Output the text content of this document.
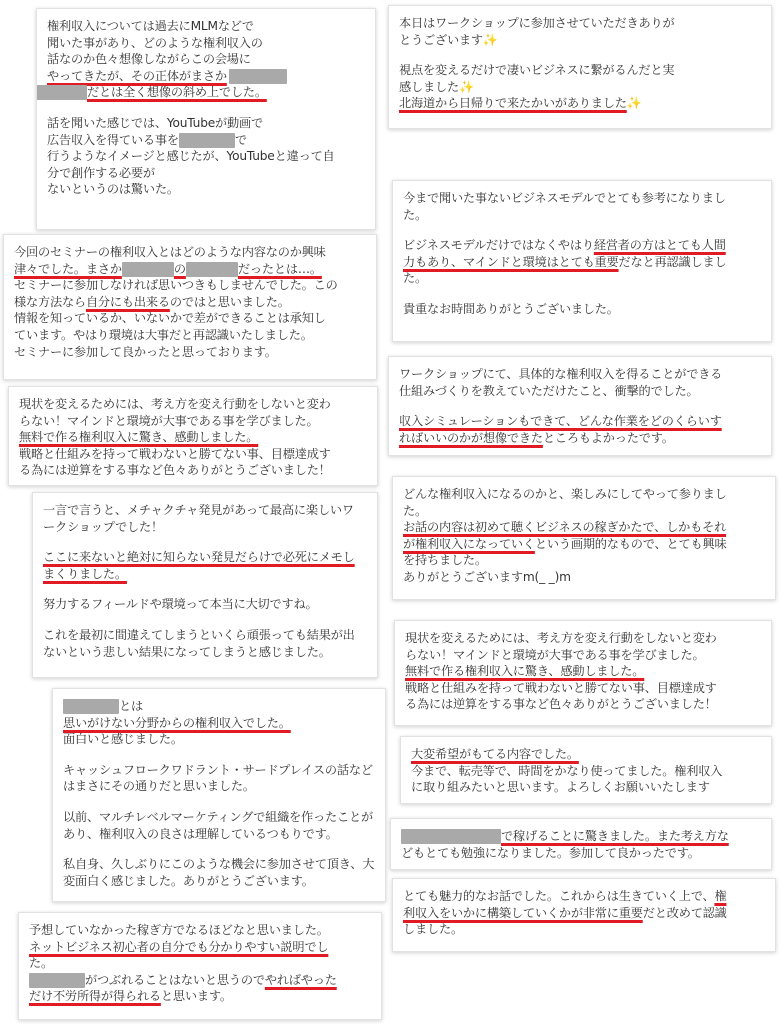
権利収入については過去にMLMなどで
聞いた事があり、どのような権利収入の
話なのか色々想像しながらこの会場に
やってきたが、その正体がまさか
だとは全く想像の斜め上でした。
話を聞いた感じでは、YouTubeが動画で
広告収入を得ている事を	で
行うようなイメージと感じたが、YouTubeと違って自
分で創作する必要が
ないというのは驚いた。
本日はワークショップに参加させていただきありが
とうございます✨
視点を変えるだけで凄いビジネスに繋がるんだと実
感しました✨
北海道から日帰りで来たかいがありました✨
今まで聞いた事ないビジネスモデルでとても参考になりまし
た。
ビジネスモデルだけではなくやはり経営者の方はとても人間
力もあり、マインドと環境はとても重要だなと再認識しまし
た。
貴重なお時間ありがとうございました。
今回のセミナーの権利収入とはどのような内容なのか興味
津々でした。まさか	の	だったとは…。
セミナーに参加しなければ思いつきもしませんでした。この
様な方法なら自分にも出来るのではと思いました。
情報を知っているか、いないかで差ができることは承知し
ています。やはり環境は大事だと再認識いたしました。
セミナーに参加して良かったと思っております。
ワークショップにて、具体的な権利収入を得ることができる
仕組みづくりを教えていただけたこと、衝撃的でした。
収入シミュレーションもできて、どんな作業をどのくらいす
ればいいのかが想像できたところもよかったです。
現状を変えるためには、考え方を変え行動をしないと変わ
らない！マインドと環境が大事である事を学びました。
無料で作る権利収入に驚き、感動しました。
戦略と仕組みを持って戦わないと勝てない事、目標達成す
る為には逆算をする事など色々ありがとうございました！
どんな権利収入になるのかと、楽しみにしてやって参りまし
た。
お話の内容は初めて聴くビジネスの稼ぎかたで、しかもそれ
が権利収入になっていくという画期的なもので、とても興味
を持ちました。
ありがとうございますm(_ _)m
一言で言うと、メチャクチャ発見があって最高に楽しいワ
ークショップでした！
ここに来ないと絶対に知らない発見だらけで必死にメモし
まくりました。
努力するフィールドや環境って本当に大切ですね。
これを最初に間違えてしまうといくら頑張っても結果が出
ないという悲しい結果になってしまうと感じました。
現状を変えるためには、考え方を変え行動をしないと変わ
らない！マインドと環境が大事である事を学びました。
無料で作る権利収入に驚き、感動しました。
戦略と仕組みを持って戦わないと勝てない事、目標達成す
る為には逆算をする事など色々ありがとうございました！
とは
思いがけない分野からの権利収入でした。
面白いと感じました。
キャッシュフロークワドラント・サードプレイスの話など
はまさにその通りだと思いました。
以前、マルチレベルマーケティングで組織を作ったことが
あり、権利収入の良さは理解しているつもりです。
私自身、久しぶりにこのような機会に参加させて頂き、大
変面白く感じました。ありがとうございます。
大変希望がもてる内容でした。
今まで、転売等で、時間をかなり使ってました。権利収入
に取り組みたいと思います。よろしくお願いいたします
で稼げることに驚きました。また考え方な
どもとても勉強になりました。参加して良かったです。
とても魅力的なお話でした。これからは生きていく上で、権
利収入をいかに構築していくかが非常に重要だと改めて認識
しました。
予想していなかった稼ぎ方でなるほどなと思いました。
ネットビジネス初心者の自分でも分かりやすい説明でし
た。
がつぶれることはないと思うのでやればやった
だけ不労所得が得られると思います。
